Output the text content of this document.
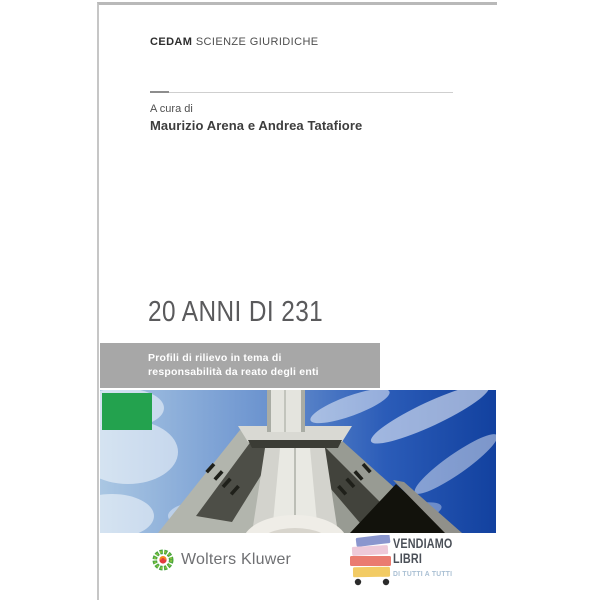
CEDAM SCIENZE GIURIDICHE
A cura di
Maurizio Arena e Andrea Tatafiore
20 ANNI DI 231
Profili di rilievo in tema di
responsabilità da reato degli enti
Wolters Kluwer
VENDIAMO
LIBRI
DI TUTTI A TUTTI
